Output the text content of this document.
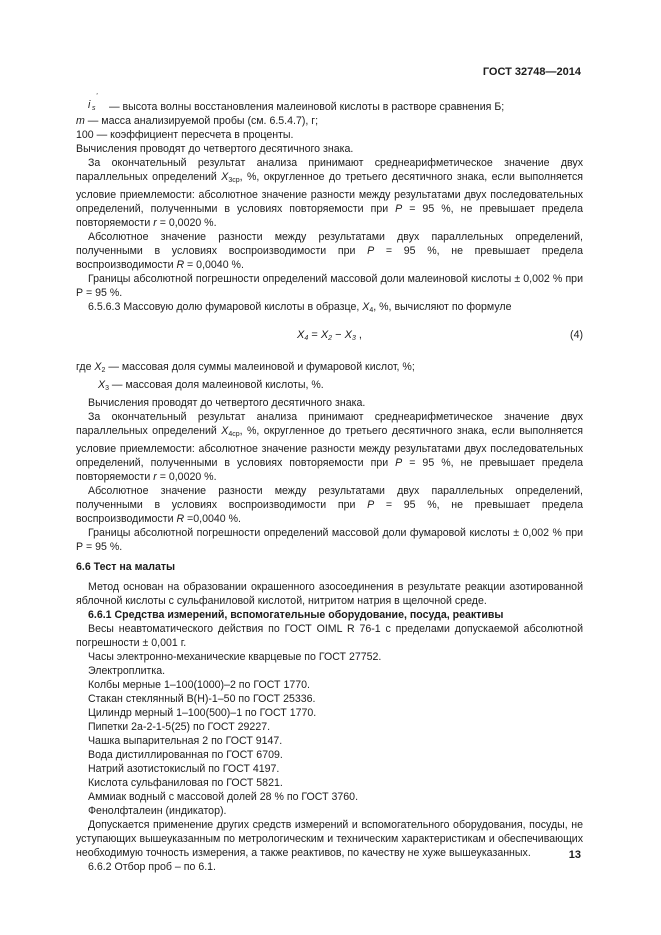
ГОСТ 32748—2014

i s
'
— высота волны восстановления малеиновой кислоты в растворе сравнения Б;

m — масса анализируемой пробы (см. 6.5.4.7), г;

100 — коэффициент пересчета в проценты.

Вычисления проводят до четвертого десятичного знака.

За окончательный результат анализа принимают среднеарифметическое значение двух параллельных определений $X_{3ср}$, %, округленное до третьего десятичного знака, если выполняется условие приемлемости: абсолютное значение разности между результатами двух последовательных определений, полученными в условиях повторяемости при P = 95 %, не превышает предела повторяемости r = 0,0020 %.

Абсолютное значение разности между результатами двух параллельных определений, полученными в условиях воспроизводимости при P = 95 %, не превышает предела воспроизводимости R = 0,0040 %.

Границы абсолютной погрешности определений массовой доли малеиновой кислоты ± 0,002 % при Р = 95 %.

6.5.6.3 Массовую долю фумаровой кислоты в образце, $X_4$, %, вычисляют по формуле

$X_4 = X_2 - X_3$ ,	(4)

где $X_2$ — массовая доля суммы малеиновой и фумаровой кислот, %;

$X_3$ — массовая доля малеиновой кислоты, %.

Вычисления проводят до четвертого десятичного знака.

За окончательный результат анализа принимают среднеарифметическое значение двух параллельных определений $X_{4ср}$, %, округленное до третьего десятичного знака, если выполняется условие приемлемости: абсолютное значение разности между результатами двух последовательных определений, полученными в условиях повторяемости при P = 95 %, не превышает предела повторяемости r = 0,0020 %.

Абсолютное значение разности между результатами двух параллельных определений, полученными в условиях воспроизводимости при P = 95 %, не превышает предела воспроизводимости R =0,0040 %.

Границы абсолютной погрешности определений массовой доли фумаровой кислоты ± 0,002 % при Р = 95 %.

6.6 Тест на малаты

Метод основан на образовании окрашенного азосоединения в результате реакции азотированной яблочной кислоты с сульфаниловой кислотой, нитритом натрия в щелочной среде.

6.6.1 Средства измерений, вспомогательные оборудование, посуда, реактивы

Весы неавтоматического действия по ГОСТ OIML R 76-1 с пределами допускаемой абсолютной погрешности ± 0,001 г.

Часы электронно-механические кварцевые по ГОСТ 27752.

Электроплитка.

Колбы мерные 1–100(1000)–2 по ГОСТ 1770.

Стакан стеклянный В(Н)-1–50 по ГОСТ 25336.

Цилиндр мерный 1–100(500)–1 по ГОСТ 1770.

Пипетки 2а-2-1-5(25) по ГОСТ 29227.

Чашка выпарительная 2 по ГОСТ 9147.

Вода дистиллированная по ГОСТ 6709.

Натрий азотистокислый по ГОСТ 4197.

Кислота сульфаниловая по ГОСТ 5821.

Аммиак водный с массовой долей 28 % по ГОСТ 3760.

Фенолфталеин (индикатор).

Допускается применение других средств измерений и вспомогательного оборудования, посуды, не уступающих вышеуказанным по метрологическим и техническим характеристикам и обеспечивающих необходимую точность измерения, а также реактивов, по качеству не хуже вышеуказанных.

6.6.2 Отбор проб – по 6.1.

13
